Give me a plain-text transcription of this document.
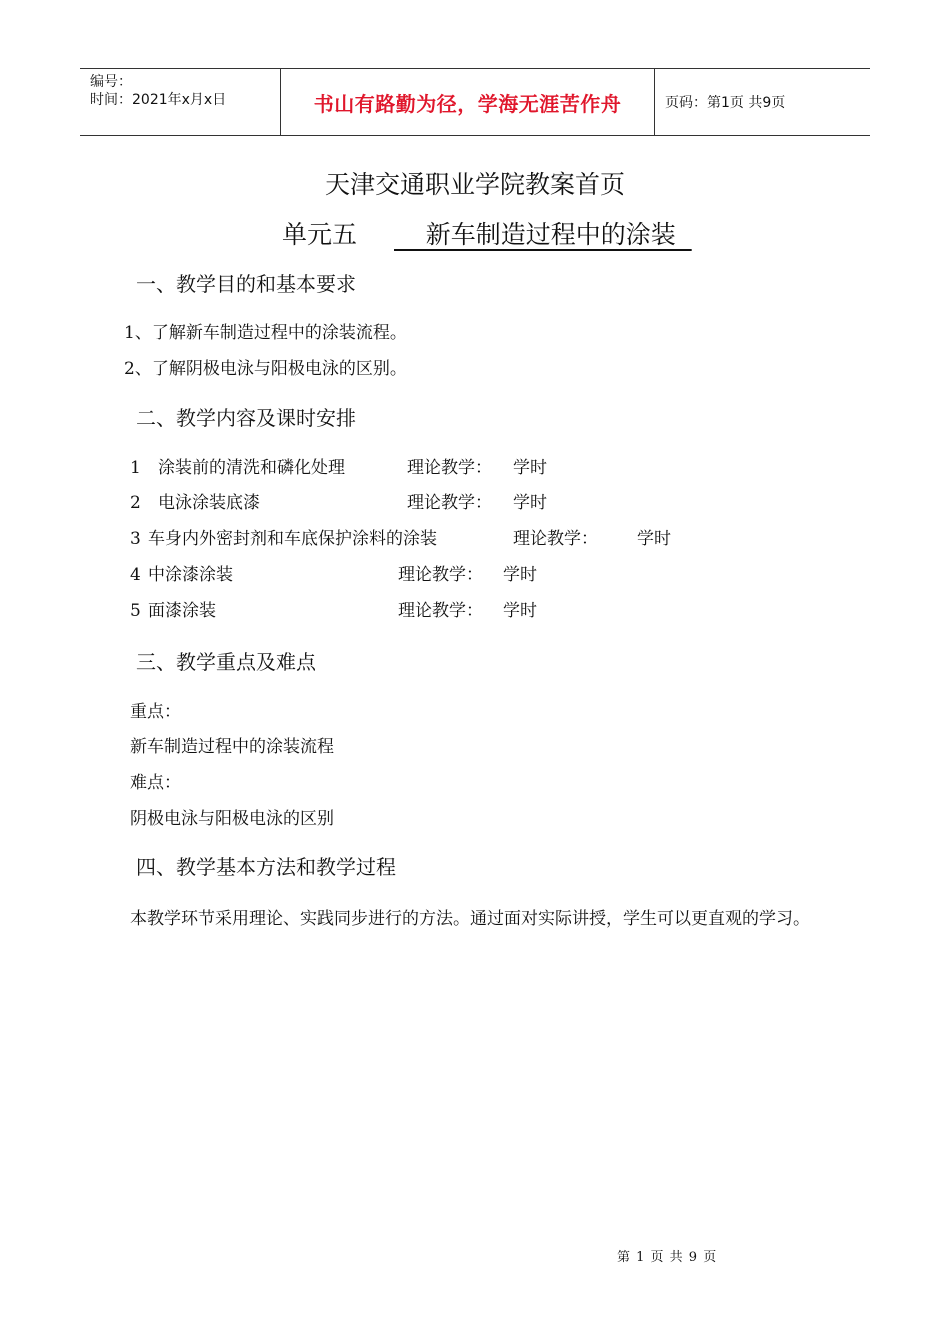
编号：
时间：2021年x月x日	书山有路勤为径，学海无涯苦作舟	页码：第1页 共9页
天津交通职业学院教案首页
单元五    新车制造过程中的涂装
一、教学目的和基本要求
1、了解新车制造过程中的涂装流程。
2、了解阴极电泳与阳极电泳的区别。
二、教学内容及课时安排
1 涂装前的清洗和磷化处理	理论教学： 学时
2 电泳涂装底漆	理论教学： 学时
3 车身内外密封剂和车底保护涂料的涂装	理论教学： 学时
4 中涂漆涂装	理论教学： 学时
5 面漆涂装	理论教学： 学时
三、教学重点及难点
重点：
新车制造过程中的涂装流程
难点：
阴极电泳与阳极电泳的区别
四、教学基本方法和教学过程
本教学环节采用理论、实践同步进行的方法。通过面对实际讲授，学生可以更直观的学习。
第 1 页 共 9 页
